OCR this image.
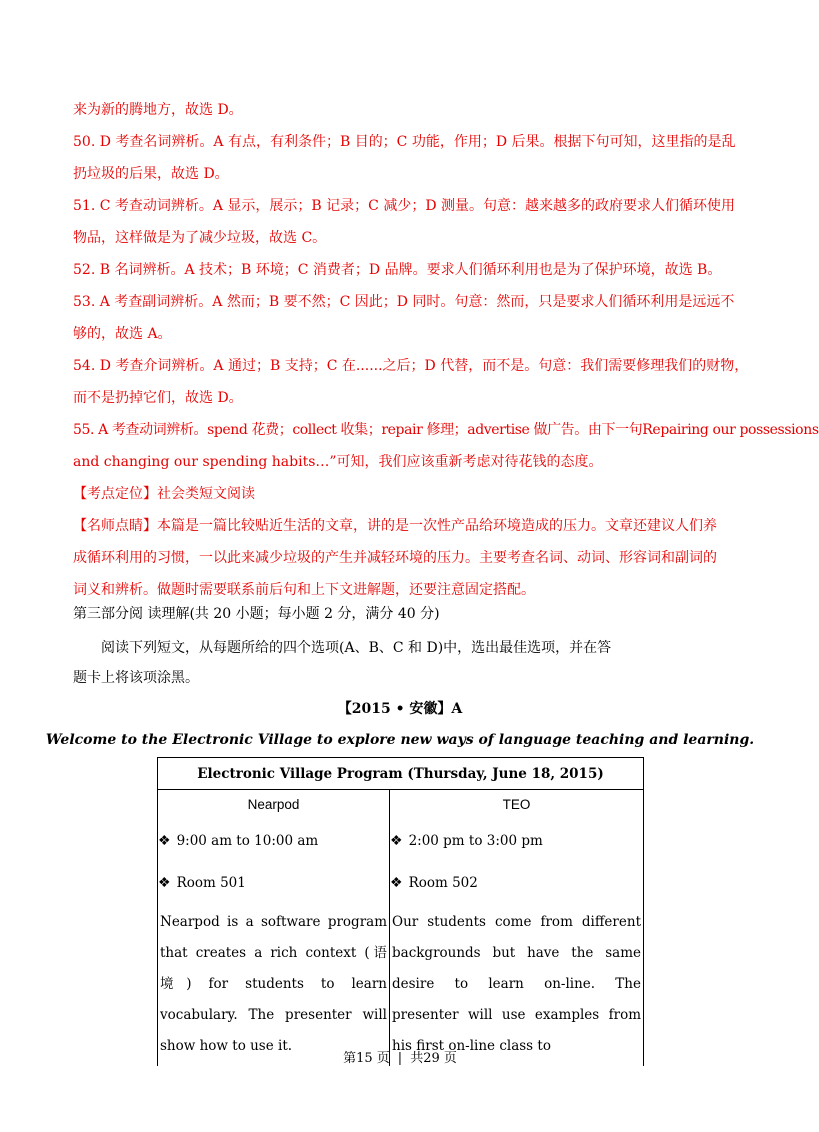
来为新的腾地方，故选 D。
50. D 考查名词辨析。A 有点，有利条件；B 目的；C 功能，作用；D 后果。根据下句可知，这里指的是乱
扔垃圾的后果，故选 D。
51. C 考查动词辨析。A 显示，展示；B 记录；C 减少；D 测量。句意：越来越多的政府要求人们循环使用
物品，这样做是为了减少垃圾，故选 C。
52. B 名词辨析。A 技术；B 环境；C 消费者；D 品牌。要求人们循环利用也是为了保护环境，故选 B。
53. A 考查副词辨析。A 然而；B 要不然；C 因此；D 同时。句意：然而，只是要求人们循环利用是远远不
够的，故选 A。
54. D 考查介词辨析。A 通过；B 支持；C 在......之后；D 代替，而不是。句意：我们需要修理我们的财物，
而不是扔掉它们，故选 D。
55. A 考查动词辨析。spend 花费；collect 收集；repair 修理；advertise 做广告。由下一句Repairing our possessions
and changing our spending habits…”可知，我们应该重新考虑对待花钱的态度。
【考点定位】社会类短文阅读
【名师点睛】本篇是一篇比较贴近生活的文章，讲的是一次性产品给环境造成的压力。文章还建议人们养
成循环利用的习惯，一以此来减少垃圾的产生并减轻环境的压力。主要考查名词、动词、形容词和副词的
词义和辨析。做题时需要联系前后句和上下文进解题，还要注意固定搭配。
第三部分阅 读理解(共 20 小题；每小题 2 分，满分 40 分)
阅读下列短文，从每题所给的四个选项(A、B、C 和 D)中，选出最佳选项，并在答
题卡上将该项涂黑。
【2015 • 安徽】A
Welcome to the Electronic Village to explore new ways of language teaching and learning.
Electronic Village Program (Thursday, June 18, 2015)

Nearpod
❖ 9:00 am to 10:00 am
❖ Room 501
Nearpod is a software program that creates a rich context (语 境) for students to learn vocabulary. The presenter will show how to use it.

TEO
❖ 2:00 pm to 3:00 pm
❖ Room 502
Our students come from different backgrounds but have the same desire to learn on-line. The presenter will use examples from his first on-line class to
第15 页 | 共29 页
